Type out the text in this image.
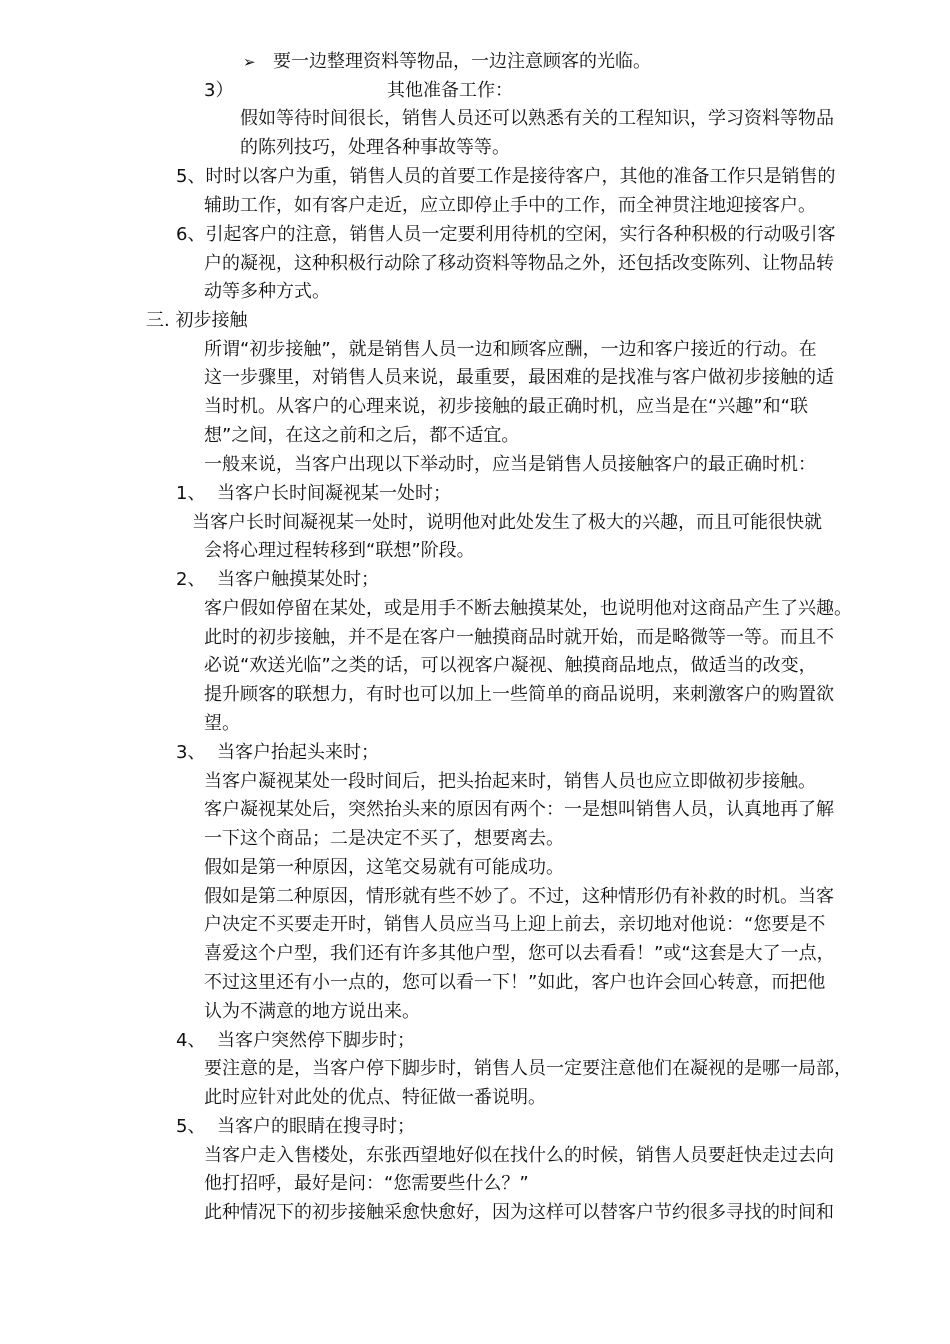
➢ 要一边整理资料等物品，一边注意顾客的光临。
3）	其他准备工作：
假如等待时间很长，销售人员还可以熟悉有关的工程知识，学习资料等物品
的陈列技巧，处理各种事故等等。
5、时时以客户为重，销售人员的首要工作是接待客户，其他的准备工作只是销售的
辅助工作，如有客户走近，应立即停止手中的工作，而全神贯注地迎接客户。
6、引起客户的注意，销售人员一定要利用待机的空闲，实行各种积极的行动吸引客
户的凝视，这种积极行动除了移动资料等物品之外，还包括改变陈列、让物品转
动等多种方式。
三. 初步接触
所谓“初步接触”，就是销售人员一边和顾客应酬，一边和客户接近的行动。在
这一步骤里，对销售人员来说，最重要，最困难的是找准与客户做初步接触的适
当时机。从客户的心理来说，初步接触的最正确时机，应当是在“兴趣”和“联
想”之间，在这之前和之后，都不适宜。
一般来说，当客户出现以下举动时，应当是销售人员接触客户的最正确时机：
1、 当客户长时间凝视某一处时；
当客户长时间凝视某一处时，说明他对此处发生了极大的兴趣，而且可能很快就
会将心理过程转移到“联想”阶段。
2、 当客户触摸某处时；
客户假如停留在某处，或是用手不断去触摸某处，也说明他对这商品产生了兴趣。
此时的初步接触，并不是在客户一触摸商品时就开始，而是略微等一等。而且不
必说“欢送光临”之类的话，可以视客户凝视、触摸商品地点，做适当的改变，
提升顾客的联想力，有时也可以加上一些简单的商品说明，来刺激客户的购置欲
望。
3、 当客户抬起头来时；
当客户凝视某处一段时间后，把头抬起来时，销售人员也应立即做初步接触。
客户凝视某处后，突然抬头来的原因有两个：一是想叫销售人员，认真地再了解
一下这个商品；二是决定不买了，想要离去。
假如是第一种原因，这笔交易就有可能成功。
假如是第二种原因，情形就有些不妙了。不过，这种情形仍有补救的时机。当客
户决定不买要走开时，销售人员应当马上迎上前去，亲切地对他说：“您要是不
喜爱这个户型，我们还有许多其他户型，您可以去看看！”或“这套是大了一点，
不过这里还有小一点的，您可以看一下！”如此，客户也许会回心转意，而把他
认为不满意的地方说出来。
4、 当客户突然停下脚步时；
要注意的是，当客户停下脚步时，销售人员一定要注意他们在凝视的是哪一局部，
此时应针对此处的优点、特征做一番说明。
5、 当客户的眼睛在搜寻时；
当客户走入售楼处，东张西望地好似在找什么的时候，销售人员要赶快走过去向
他打招呼，最好是问：“您需要些什么？”
此种情况下的初步接触采愈快愈好，因为这样可以替客户节约很多寻找的时间和
